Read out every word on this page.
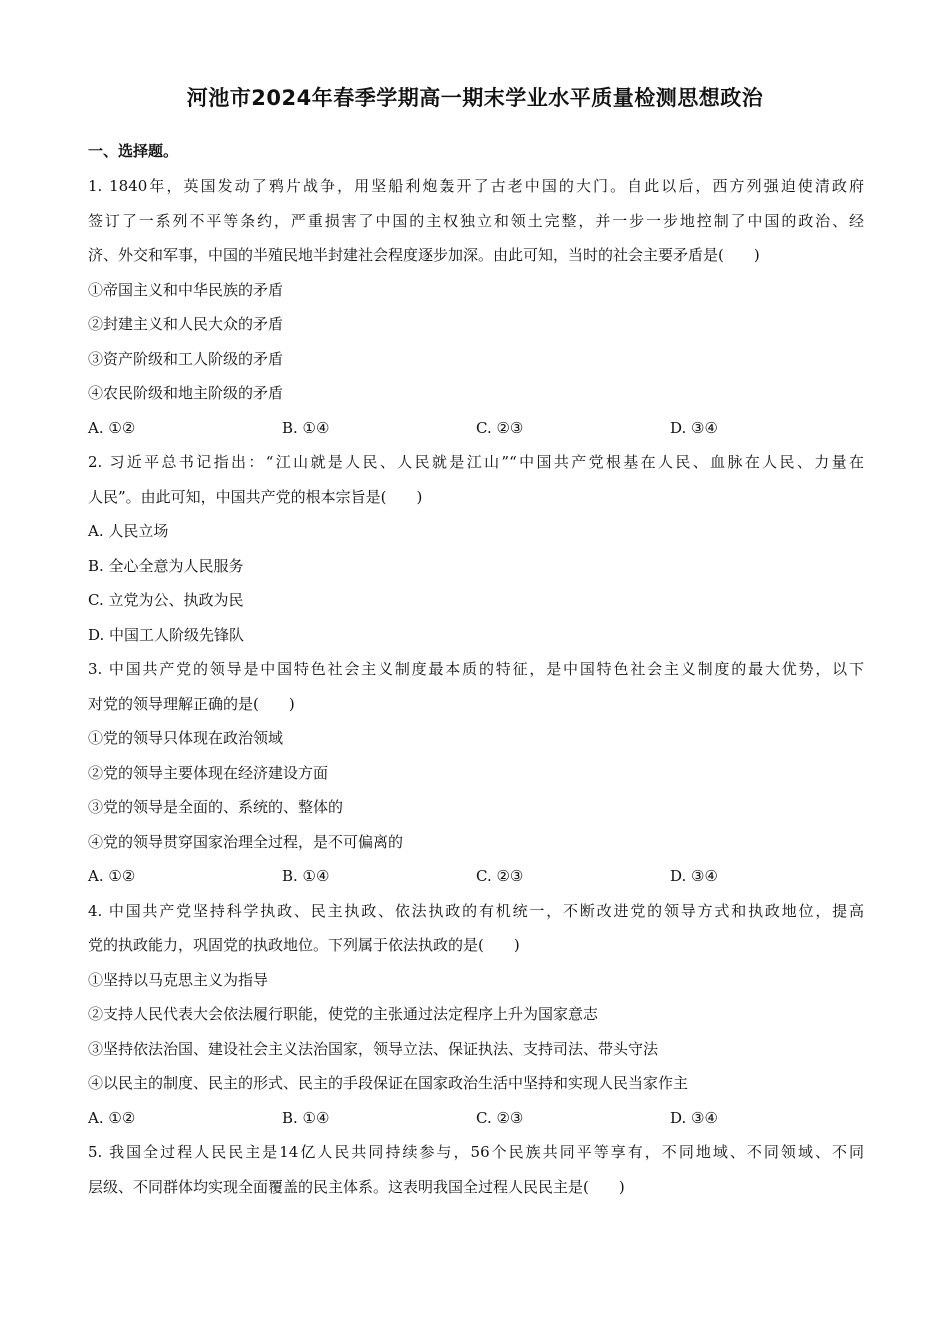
河池市2024年春季学期高一期末学业水平质量检测思想政治
一、选择题。
1. 1840年，英国发动了鸦片战争，用坚船利炮轰开了古老中国的大门。自此以后，西方列强迫使清政府
签订了一系列不平等条约，严重损害了中国的主权独立和领土完整，并一步一步地控制了中国的政治、经
济、外交和军事，中国的半殖民地半封建社会程度逐步加深。由此可知，当时的社会主要矛盾是(　　)
①帝国主义和中华民族的矛盾
②封建主义和人民大众的矛盾
③资产阶级和工人阶级的矛盾
④农民阶级和地主阶级的矛盾
A. ①②	B. ①④	C. ②③	D. ③④
2. 习近平总书记指出：“江山就是人民、人民就是江山”“中国共产党根基在人民、血脉在人民、力量在
人民”。由此可知，中国共产党的根本宗旨是(　　)
A. 人民立场
B. 全心全意为人民服务
C. 立党为公、执政为民
D. 中国工人阶级先锋队
3. 中国共产党的领导是中国特色社会主义制度最本质的特征，是中国特色社会主义制度的最大优势，以下
对党的领导理解正确的是(　　)
①党的领导只体现在政治领域
②党的领导主要体现在经济建设方面
③党的领导是全面的、系统的、整体的
④党的领导贯穿国家治理全过程，是不可偏离的
A. ①②	B. ①④	C. ②③	D. ③④
4. 中国共产党坚持科学执政、民主执政、依法执政的有机统一，不断改进党的领导方式和执政地位，提高
党的执政能力，巩固党的执政地位。下列属于依法执政的是(　　)
①坚持以马克思主义为指导
②支持人民代表大会依法履行职能，使党的主张通过法定程序上升为国家意志
③坚持依法治国、建设社会主义法治国家，领导立法、保证执法、支持司法、带头守法
④以民主的制度、民主的形式、民主的手段保证在国家政治生活中坚持和实现人民当家作主
A. ①②	B. ①④	C. ②③	D. ③④
5. 我国全过程人民民主是14亿人民共同持续参与，56个民族共同平等享有，不同地域、不同领域、不同
层级、不同群体均实现全面覆盖的民主体系。这表明我国全过程人民民主是(　　)
